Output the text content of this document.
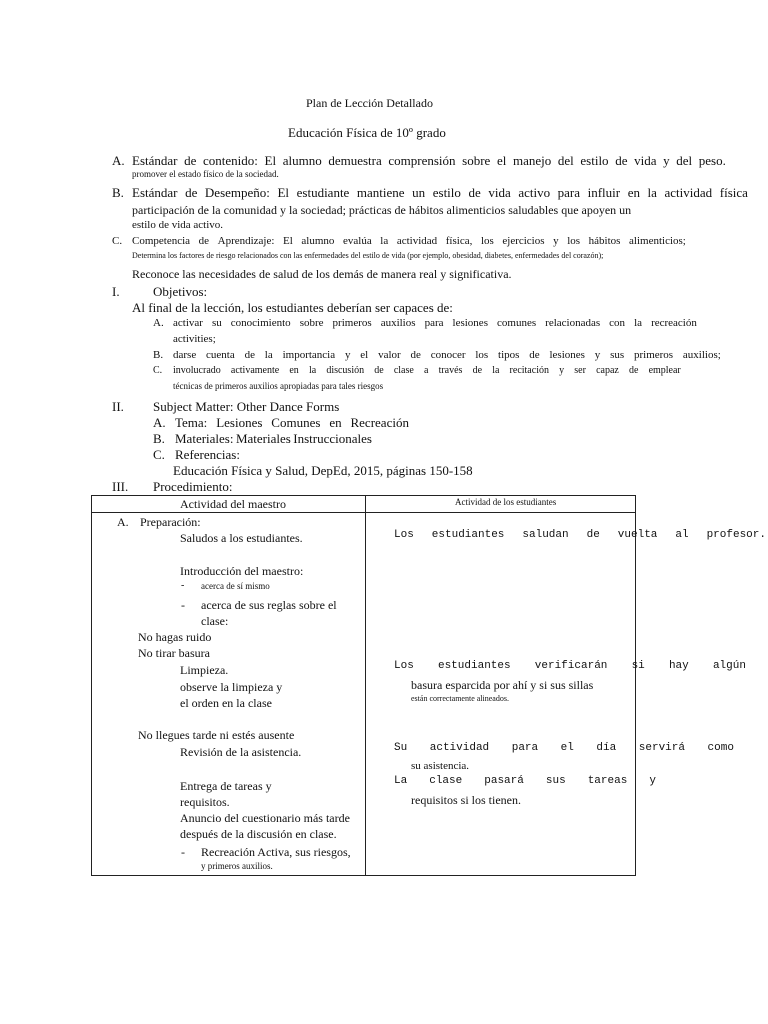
Plan de Lección Detallado
Educación Física de 10º grado
A. Estándar de contenido: El alumno demuestra comprensión sobre el manejo del estilo de vida y del peso.
promover el estado físico de la sociedad.
B. Estándar de Desempeño: El estudiante mantiene un estilo de vida activo para influir en la actividad física
participación de la comunidad y la sociedad; prácticas de hábitos alimenticios saludables que apoyen un
estilo de vida activo.
C. Competencia de Aprendizaje: El alumno evalúa la actividad física, los ejercicios y los hábitos alimenticios;
Determina los factores de riesgo relacionados con las enfermedades del estilo de vida (por ejemplo, obesidad, diabetes, enfermedades del corazón);
Reconoce las necesidades de salud de los demás de manera real y significativa.
I.	Objetivos:
Al final de la lección, los estudiantes deberían ser capaces de:
A. activar su conocimiento sobre primeros auxilios para lesiones comunes relacionadas con la recreación
activities;
B. darse cuenta de la importancia y el valor de conocer los tipos de lesiones y sus primeros auxilios;
C. involucrado activamente en la discusión de clase a través de la recitación y ser capaz de emplear
técnicas de primeros auxilios apropiadas para tales riesgos
II. Subject Matter: Other Dance Forms
A. Tema: Lesiones Comunes en Recreación
B. Materiales: Materiales Instruccionales
C. Referencias:
Educación Física y Salud, DepEd, 2015, páginas 150-158
III. Procedimiento:
Actividad del maestro	Actividad de los estudiantes
A. Preparación:
Saludos a los estudiantes.
Introducción del maestro:
- acerca de sí mismo
- acerca de sus reglas sobre el
clase:
No hagas ruido
No tirar basura
Limpieza.
observe la limpieza y
el orden en la clase
No llegues tarde ni estés ausente
Revisión de la asistencia.
Entrega de tareas y
requisitos.
Anuncio del cuestionario más tarde
después de la discusión en clase.
- Recreación Activa, sus riesgos,
y primeros auxilios.
Los estudiantes saludan de vuelta al profesor.
Los estudiantes verificarán si hay algún
basura esparcida por ahí y si sus sillas
están correctamente alineados.
Su actividad para el día servirá como
su asistencia.
La clase pasará sus tareas y
requisitos si los tienen.
